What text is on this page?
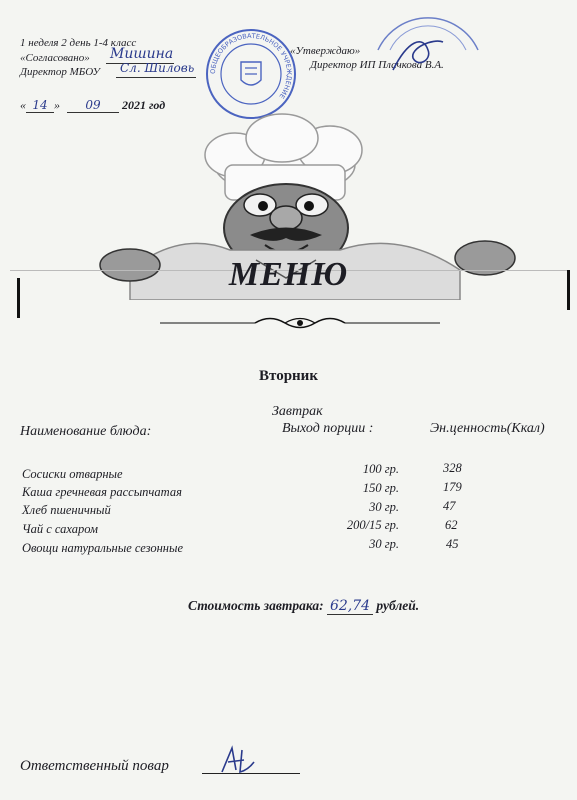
1 неделя 2 день 1-4 класс
«Согласовано» Мишина
Директор МБОУ Сл. Шиловь
« 14 » 09 2021 год
«Утверждаю»
Директор ИП Плачкова В.А.
ОБЩЕОБРАЗОВАТЕЛЬНОЕ УЧРЕЖДЕНИЕ
МЕНЮ
Вторник
Завтрак
Наименование блюда:	Выход порции :	Эн.ценность(Ккал)
Сосиски отварные	100 гр.	328
Каша гречневая рассыпчатая	150 гр.	179
Хлеб пшеничный	30 гр.	47
Чай с сахаром	200/15 гр.	62
Овощи натуральные сезонные	30 гр.	45
Стоимость завтрака: 62,74 рублей.
Ответственный повар
